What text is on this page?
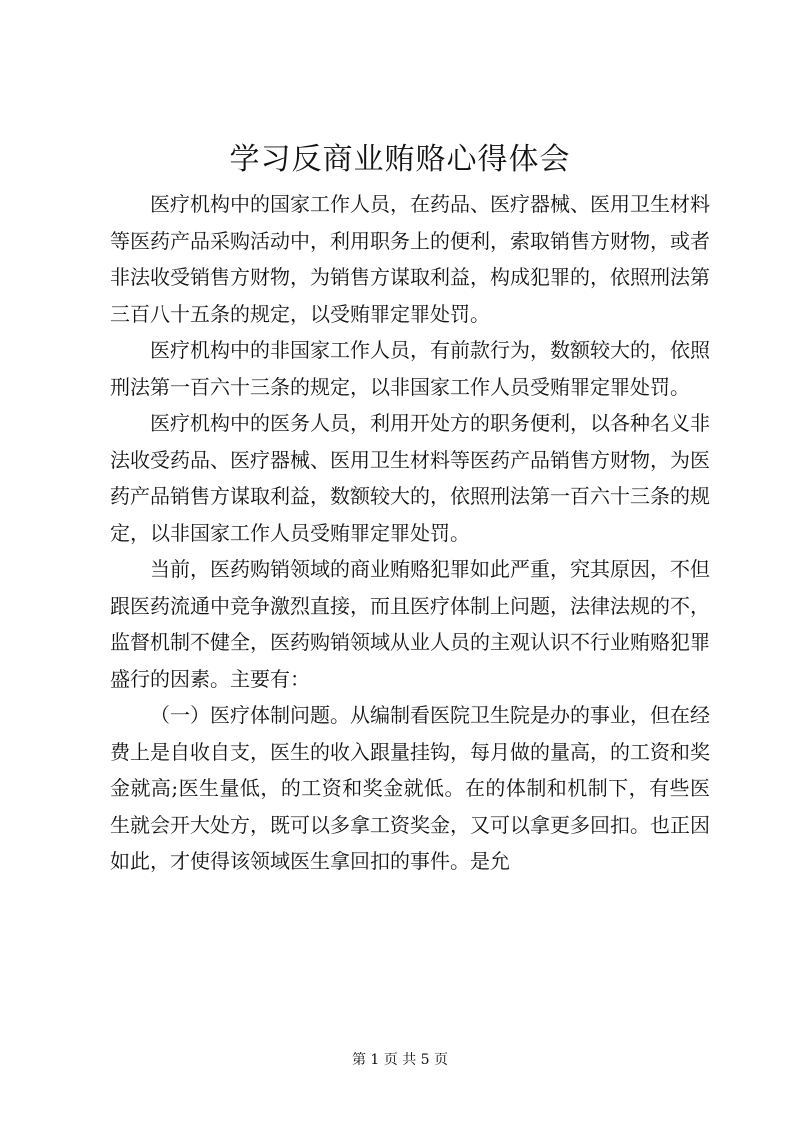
学习反商业贿赂心得体会

医疗机构中的国家工作人员，在药品、医疗器械、医用卫生材料等医药产品采购活动中，利用职务上的便利，索取销售方财物，或者非法收受销售方财物，为销售方谋取利益，构成犯罪的，依照刑法第三百八十五条的规定，以受贿罪定罪处罚。

医疗机构中的非国家工作人员，有前款行为，数额较大的，依照刑法第一百六十三条的规定，以非国家工作人员受贿罪定罪处罚。

医疗机构中的医务人员，利用开处方的职务便利，以各种名义非法收受药品、医疗器械、医用卫生材料等医药产品销售方财物，为医药产品销售方谋取利益，数额较大的，依照刑法第一百六十三条的规定，以非国家工作人员受贿罪定罪处罚。

当前，医药购销领域的商业贿赂犯罪如此严重，究其原因，不但跟医药流通中竞争激烈直接，而且医疗体制上问题，法律法规的不，监督机制不健全，医药购销领域从业人员的主观认识不行业贿赂犯罪盛行的因素。主要有：

（一）医疗体制问题。从编制看医院卫生院是办的事业，但在经费上是自收自支，医生的收入跟量挂钩，每月做的量高，的工资和奖金就高;医生量低，的工资和奖金就低。在的体制和机制下，有些医生就会开大处方，既可以多拿工资奖金，又可以拿更多回扣。也正因如此，才使得该领域医生拿回扣的事件。是允

第 1 页 共 5 页
